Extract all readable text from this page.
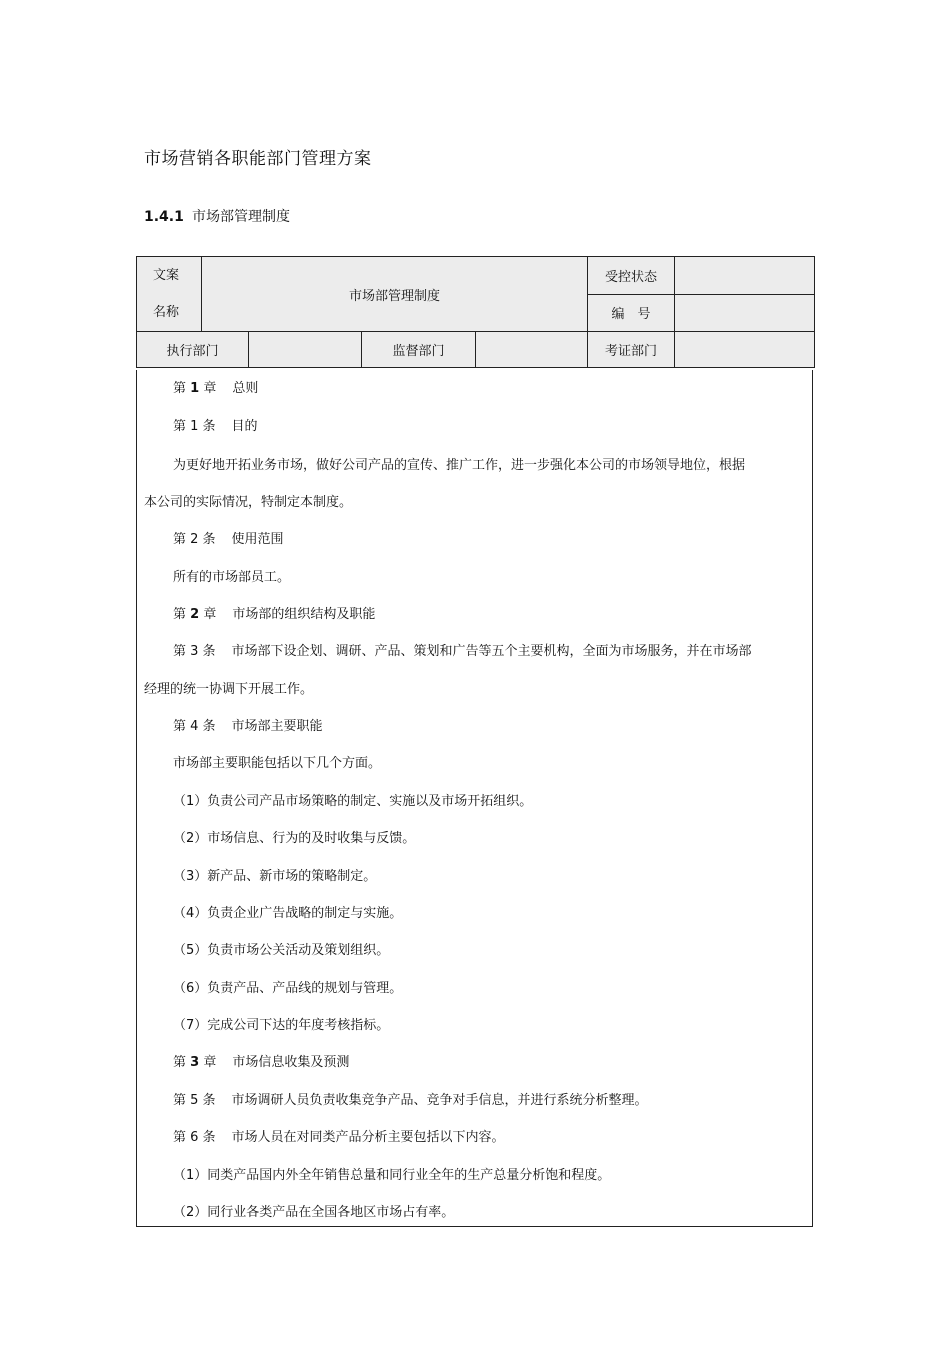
市场营销各职能部门管理方案
1.4.1 市场部管理制度
文案
名称	市场部管理制度				受控状态	
					编　号	
执行部门			监督部门		考证部门	
第 1 章 总则
第 1 条 目的
为更好地开拓业务市场，做好公司产品的宣传、推广工作，进一步强化本公司的市场领导地位，根据
本公司的实际情况，特制定本制度。
第 2 条 使用范围
所有的市场部员工。
第 2 章 市场部的组织结构及职能
第 3 条 市场部下设企划、调研、产品、策划和广告等五个主要机构，全面为市场服务，并在市场部
经理的统一协调下开展工作。
第 4 条 市场部主要职能
市场部主要职能包括以下几个方面。
（1）负责公司产品市场策略的制定、实施以及市场开拓组织。
（2）市场信息、行为的及时收集与反馈。
（3）新产品、新市场的策略制定。
（4）负责企业广告战略的制定与实施。
（5）负责市场公关活动及策划组织。
（6）负责产品、产品线的规划与管理。
（7）完成公司下达的年度考核指标。
第 3 章 市场信息收集及预测
第 5 条 市场调研人员负责收集竞争产品、竞争对手信息，并进行系统分析整理。
第 6 条 市场人员在对同类产品分析主要包括以下内容。
（1）同类产品国内外全年销售总量和同行业全年的生产总量分析饱和程度。
（2）同行业各类产品在全国各地区市场占有率。
